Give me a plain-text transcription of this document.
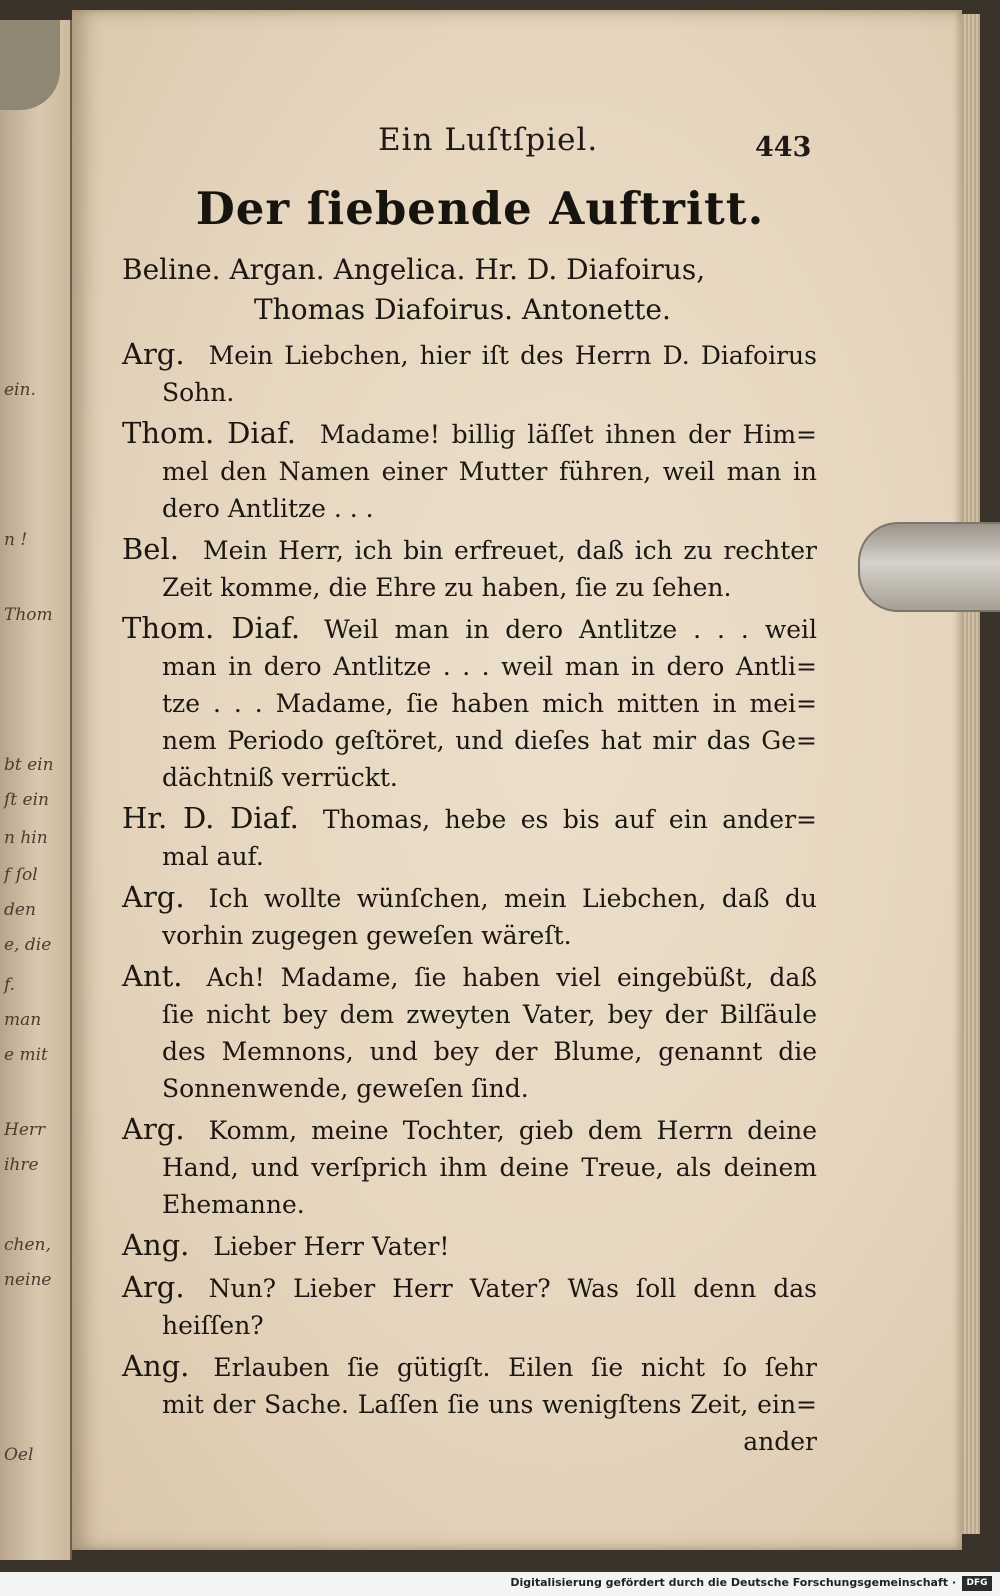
ein.
n !
Thom
bt ein
ſt ein
n hin
f ſol
den
e, die
f.
man
e mit
Herr
ihre
chen,
neine
Oel
Ein Luſtſpiel.	443
Der ſiebende Auftritt.
Beline. Argan. Angelica. Hr. D. Diafoirus,
Thomas Diafoirus. Antonette.
Arg. Mein Liebchen, hier iſt des Herrn D. Diafoirus
Sohn.
Thom. Diaf. Madame! billig läſſet ihnen der Him=
mel den Namen einer Mutter führen, weil man in
dero Antlitze . . .
Bel. Mein Herr, ich bin erfreuet, daß ich zu rechter
Zeit komme, die Ehre zu haben, ſie zu ſehen.
Thom. Diaf. Weil man in dero Antlitze . . . weil
man in dero Antlitze . . . weil man in dero Antli=
tze . . . Madame, ſie haben mich mitten in mei=
nem Periodo geſtöret, und dieſes hat mir das Ge=
dächtniß verrückt.
Hr. D. Diaf. Thomas, hebe es bis auf ein ander=
mal auf.
Arg. Ich wollte wünſchen, mein Liebchen, daß du
vorhin zugegen geweſen wäreſt.
Ant. Ach! Madame, ſie haben viel eingebüßt, daß
ſie nicht bey dem zweyten Vater, bey der Bilſäule
des Memnons, und bey der Blume, genannt die
Sonnenwende, geweſen ſind.
Arg. Komm, meine Tochter, gieb dem Herrn deine
Hand, und verſprich ihm deine Treue, als deinem
Ehemanne.
Ang. Lieber Herr Vater!
Arg. Nun? Lieber Herr Vater? Was ſoll denn das
heiſſen?
Ang. Erlauben ſie gütigſt. Eilen ſie nicht ſo ſehr
mit der Sache. Laſſen ſie uns wenigſtens Zeit, ein=
ander
Digitalisierung gefördert durch die Deutsche Forschungsgemeinschaft ·	DFG
